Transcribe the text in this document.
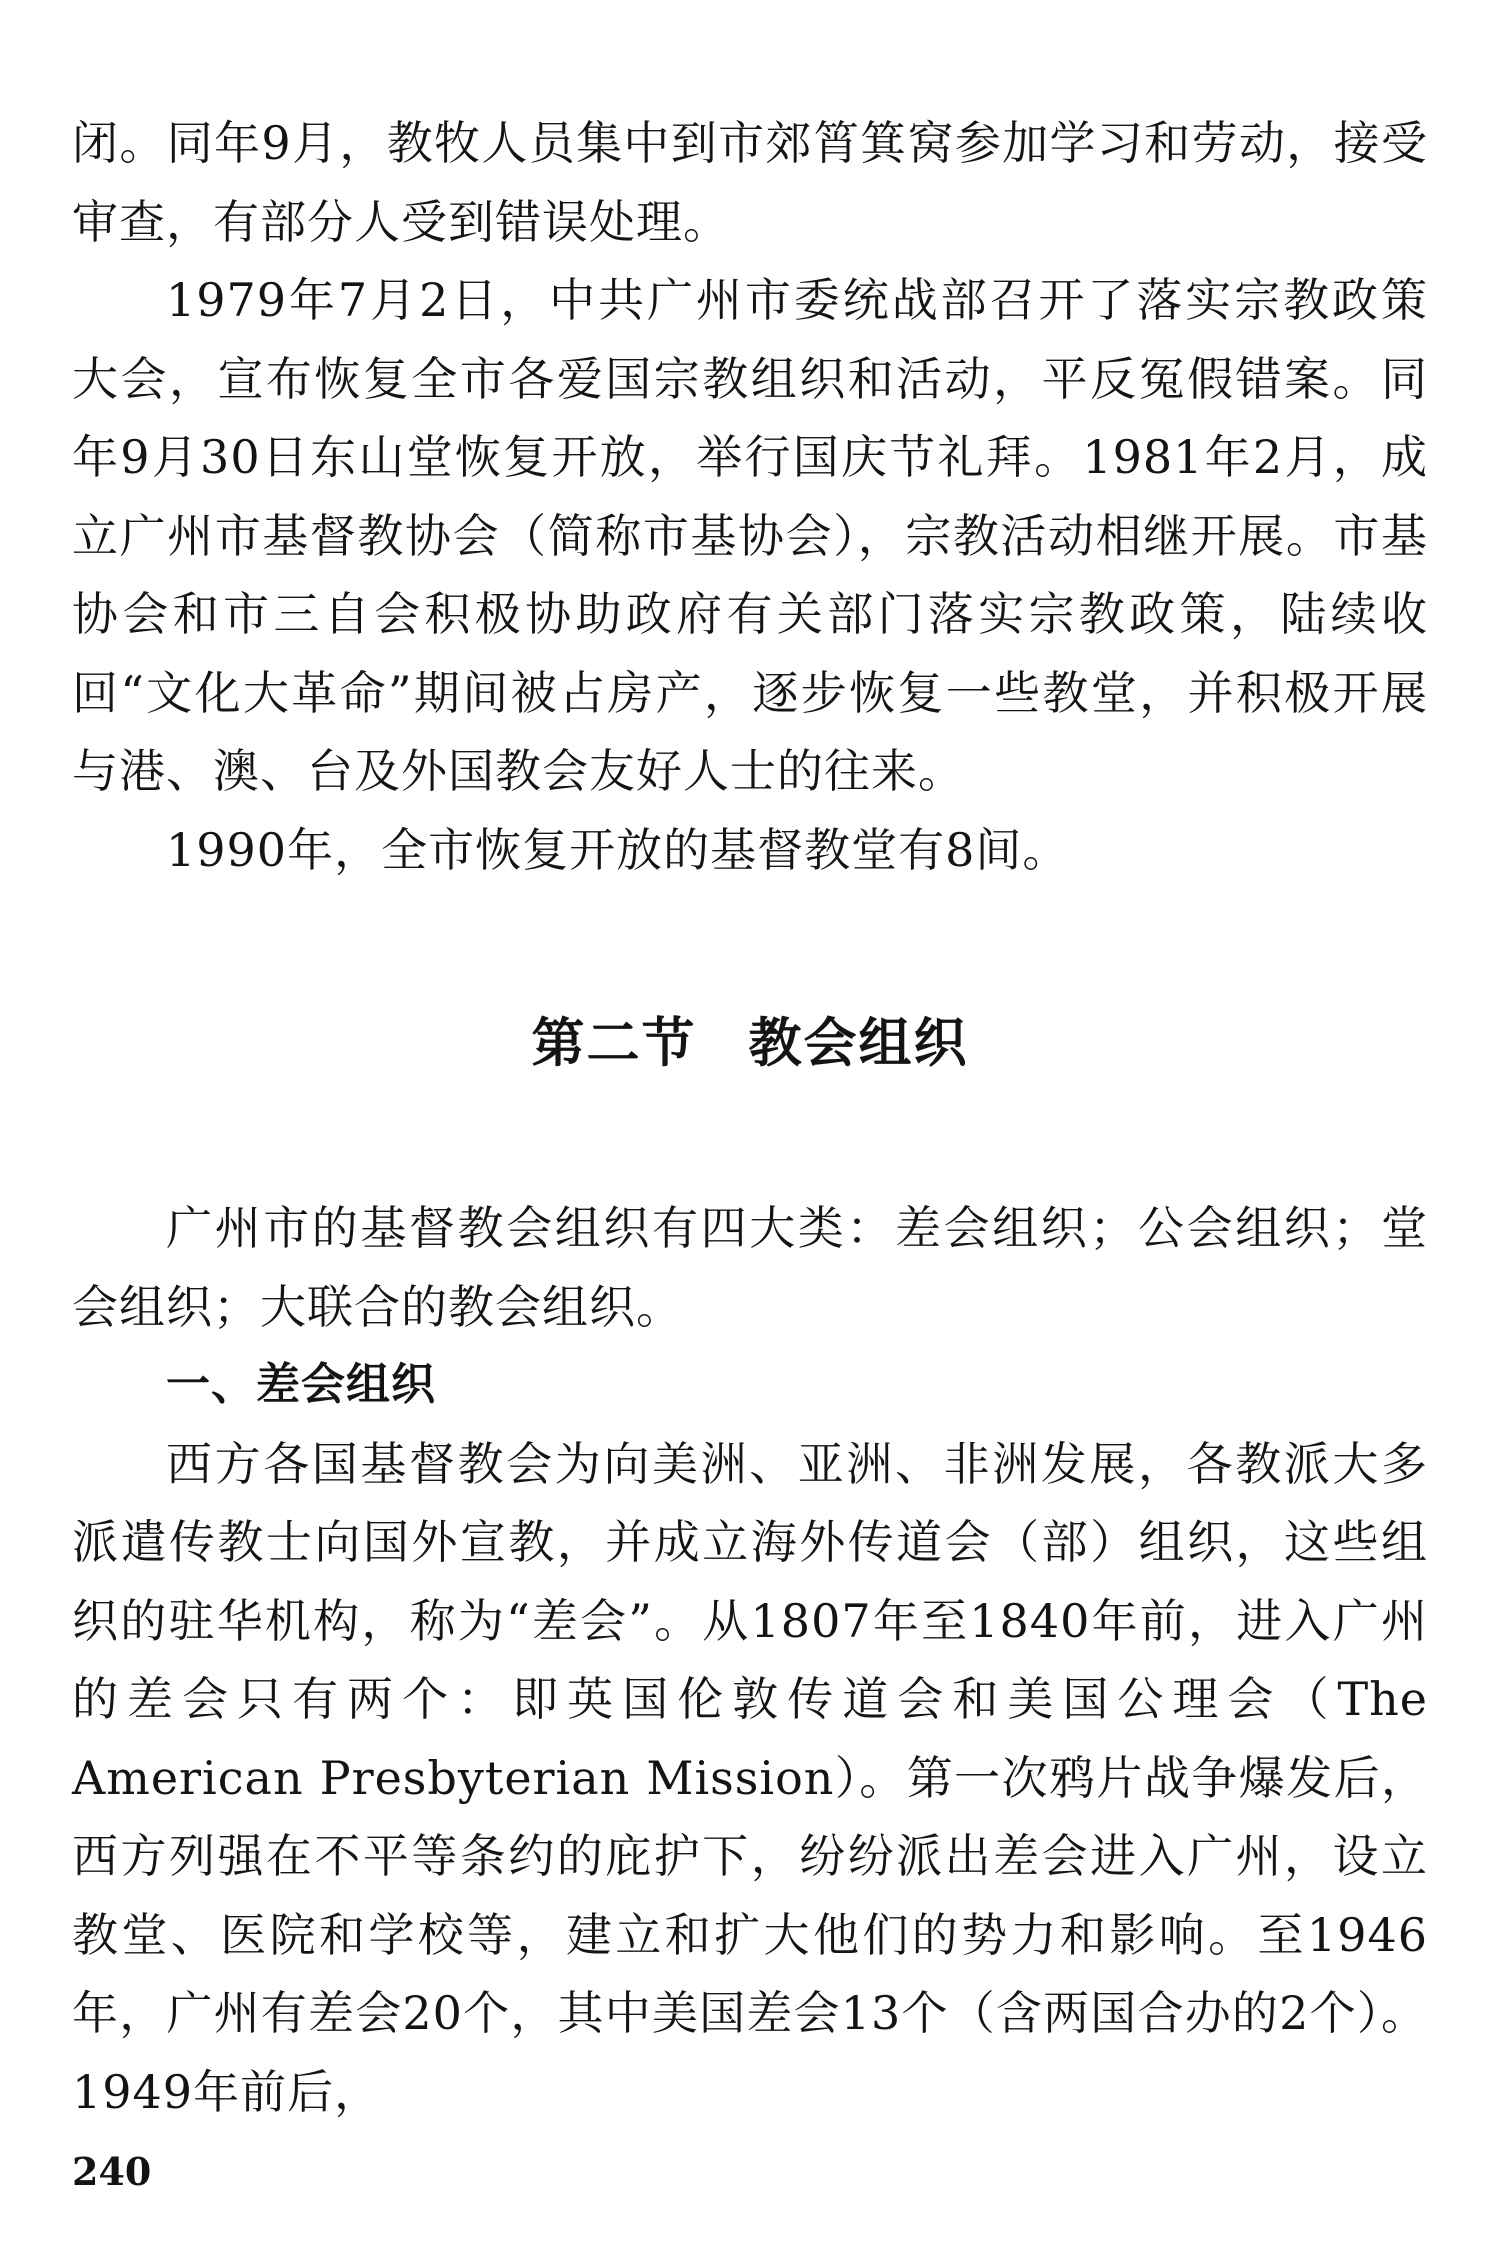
闭。同年9月，教牧人员集中到市郊筲箕窝参加学习和劳动，接受审查，有部分人受到错误处理。

1979年7月2日，中共广州市委统战部召开了落实宗教政策大会，宣布恢复全市各爱国宗教组织和活动，平反冤假错案。同年9月30日东山堂恢复开放，举行国庆节礼拜。1981年2月，成立广州市基督教协会（简称市基协会），宗教活动相继开展。市基协会和市三自会积极协助政府有关部门落实宗教政策，陆续收回“文化大革命”期间被占房产，逐步恢复一些教堂，并积极开展与港、澳、台及外国教会友好人士的往来。

1990年，全市恢复开放的基督教堂有8间。

第二节 教会组织

广州市的基督教会组织有四大类：差会组织；公会组织；堂会组织；大联合的教会组织。

一、差会组织

西方各国基督教会为向美洲、亚洲、非洲发展，各教派大多派遣传教士向国外宣教，并成立海外传道会（部）组织，这些组织的驻华机构，称为“差会”。从1807年至1840年前，进入广州的差会只有两个：即英国伦敦传道会和美国公理会（The American Presbyterian Mission）。第一次鸦片战争爆发后，西方列强在不平等条约的庇护下，纷纷派出差会进入广州，设立教堂、医院和学校等，建立和扩大他们的势力和影响。至1946年，广州有差会20个，其中美国差会13个（含两国合办的2个）。1949年前后，

240
